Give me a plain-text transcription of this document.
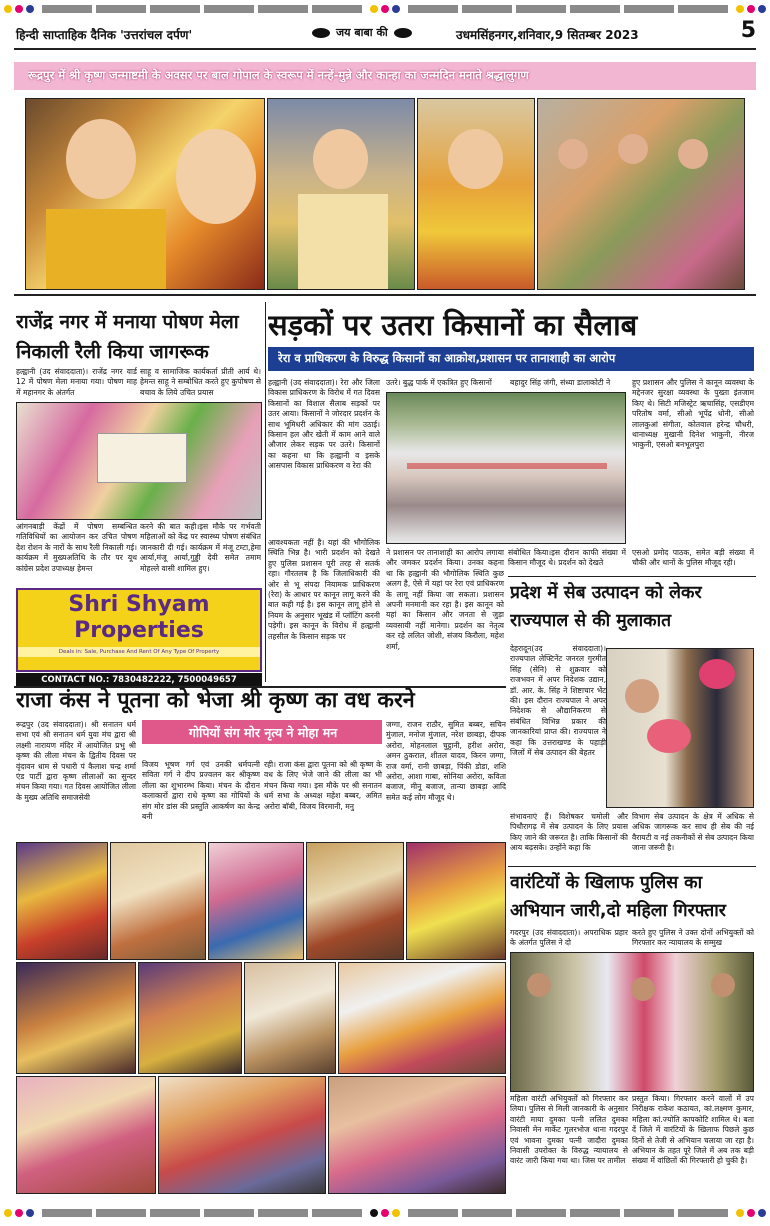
हिन्दी साप्ताहिक दैनिक 'उत्तरांचल दर्पण'	जय बाबा की	उधमसिंहनगर,शनिवार,9 सितम्बर 2023	5
रूद्रपुर में श्री कृष्ण जन्माष्टमी के अवसर पर बाल गोपाल के स्वरूप में नन्हें-मुन्ने और कान्हा का जन्मदिन मनाते श्रद्धालुगण
राजेंद्र नगर में मनाया पोषण मेला
निकाली रैली किया जागरूक
हल्द्वानी (उद संवाददाता)। राजेंद्र नगर वार्ड 12 में पोषण मेला मनाया गया। पोषण माह में महानगर के अंतर्गत
साहू व सामाजिक कार्यकर्ता प्रीती आर्य थे। हेमन्त साहू ने सम्बोधित करते हुए कुपोषण से बचाव के लिये उचित प्रयास
आंगनबाड़ी केंद्रों में पोषण सम्बन्धित गतिविधियों का आयोजन कर उचित पोषण देश रोशन के नारों के साथ रैली निकाली गई।कार्यक्रम में मुख्यअतिथि के तौर पर यूथ कांग्रेस प्रदेश उपाध्यक्ष हेमन्त
करने की बात कही।इस मौके पर गर्भवती महिलाओं को केंद्र पर स्वास्थ्य पोषण संबंधित जानकारी दी गई। कार्यक्रम में मंजू टम्टा,हेमा आर्या,मंजू आर्या,गुड्डी देवी समेत तमाम मोहल्ले वासी शामिल हुए।
Shri Shyam
Properties
Deals in: Sale, Purchase And Rent Of Any Type Of Property
CONTACT NO.: 7830482222, 7500049657
सड़कों पर उतरा किसानों का सैलाब
रेरा व प्राधिकरण के विरुद्ध किसानों का आक्रोश,प्रशासन पर तानाशाही का आरोप
हल्द्वानी (उद संवाददाता)। रेरा और जिला विकास प्राधिकरण के विरोध में गत दिवस किसानों का विशाल सैलाब सड़कों पर उतर आया। किसानों ने जोरदार प्रदर्शन के साथ भूमिधरी अधिकार की मांग उठाई। किसान हल और खेती में काम आने वाले औजार लेकर सड़क पर उतरे। किसानों का कहना था कि हल्द्वानी व इसके आसपास विकास प्राधिकरण व रेरा की
उतरे। बुद्ध पार्क में एकत्रित हुए किसानों	बहादुर सिंह जंगी, संध्या डालाकोटी ने
आवश्यकता नहीं है। यहां की भौगोलिक स्थिति भिन्न है। भारी प्रदर्शन को देखते हुए पुलिस प्रशासन पूरी तरह से सतर्क रहा। गौरतलब है कि जिलाधिकारी की ओर से भू संपदा नियामक प्राधिकरण (रेरा) के आधार पर कानून लागू करने की बात कही गई है। इस कानून लागू होने से नियम के अनुसार भूखंड में प्लॉटिंग करनी पड़ेगी। इस कानून के विरोध में हल्द्वानी तहसील के किसान सड़क पर
ने प्रशासन पर तानाशाही का आरोप लगाया और जमकर प्रदर्शन किया। उनका कहना था कि हल्द्वानी की भौगोलिक स्थिति कुछ अलग है, ऐसे में यहां पर रेरा एवं प्राधिकरण के लागू नहीं किया जा सकता। प्रशासन अपनी मनमानी कर रहा है। इस कानून को यहां का किसान और जनता से जुड़ा व्यवसायी नहीं मानेगा। प्रदर्शन का नेतृत्व कर रहे ललित जोशी, संजय किरौला, महेश शर्मा,
संबोधित किया।इस दौरान काफी संख्या में किसान मौजूद थे। प्रदर्शन को देखते
हुए प्रशासन और पुलिस ने कानून व्यवस्था के मद्देनजर सुरक्षा व्यवस्था के पुख्ता इंतजाम किए थे। सिटी मजिस्ट्रेट ऋचासिंह, एसडीएम परितोष वर्मा, सीओ भूपेंद्र धोनी, सीओ लालकुआं संगीता, कोतवाल हरेन्द्र चौधरी, थानाध्यक्ष मुखानी दिनेश भाकुनी, नीरज भाकुनी, एसओ बनभूलपुरा
एसओ प्रमोद पाठक, समेत बड़ी संख्या में चौकी और थानों के पुलिस मौजूद रही।
प्रदेश में सेब उत्पादन को लेकर
राज्यपाल से की मुलाकात
देहरादून(उद संवाददाता)। राज्यपाल लेफ्टिनेंट जनरल गुरमीत सिंह (सेनि) से शुक्रवार को राजभवन में अपर निदेशक उद्यान, डॉ. आर. के. सिंह ने शिष्टाचार भेंट की। इस दौरान राज्यपाल ने अपर निदेशक से औद्यानिकरण से संबंधित विभिन्न प्रकार की जानकारियां प्राप्त की। राज्यपाल ने कहा कि उत्तराखण्ड के पहाड़ी जिलों में सेब उत्पादन की बेहतर
संभावनाएं हैं। विशेषकर चमोली और पिथौरागढ़ में सेब उत्पादन के लिए प्रयास किए जाने की जरूरत है। ताकि किसानों की आय बढ़सके। उन्होंने कहा कि
विभाग सेब उत्पादन के क्षेत्र में अधिक से अधिक जागरूक कर साथ ही सेब की नई वैरायटी व नई तकनीकों से सेब उत्पादन किया जाना जरूरी है।
राजा कंस ने पूतना को भेजा श्री कृष्ण का वध करने
रूद्रपुर (उद संवाददाता)। श्री सनातन धर्म सभा एवं श्री सनातन धर्म युवा मंच द्वारा श्री लक्ष्मी नारायण मंदिर में आयोजित प्रभु श्री कृष्ण की लीला मंचन के द्वितीय दिवस पर वृंदावन धाम से पधारी पं कैलाश चन्द्र शर्मा एंड पार्टी द्वारा कृष्ण लीलाओं का सुन्दर मंचन किया गया। गत दिवस आयोजित लीला के मुख्य अतिथि समाजसेवी
गोपियों संग मोर नृत्य ने मोहा मन
विजय भूषण गर्ग एवं उनकी धर्मपत्नी सविता गर्ग ने दीप प्रज्वलन कर श्रीकृष्ण लीला का शुभारम्भ किया। मंचन के दौरान कलाकारों द्वारा राधे कृष्ण का गोपियों के संग मोर डांस की प्रस्तुति आकर्षण का केन्द्र बनी
रही। राजा कंस द्वारा पूतना को श्री कृष्ण के वध के लिए भेजे जाने की लीला का भी मंचन किया गया। इस मौके पर श्री सनातन धर्म सभा के अध्यक्ष महेश बब्बर, अमित अरोरा बॉबी, विजय विरमानी, मनु
जग्गा, राजन राठौर, सुमित बब्बर, सचिन मुंजाल, मनोज मुंजाल, नरेश छाबड़ा, दीपक अरोरा, मोहनलाल चुट्ठानी, हरीश अरोरा, अमन ठुकराल, शीतल यादव, किरन जग्गा, राज वर्मा, रानी छाबड़ा, पिंकी डोडा, शशि अरोरा, आशा गाबा, सोनिया अरोरा, कविता बजाज, मीनू बजाज, तान्या छाबड़ा आदि समेत कई लोग मौजूद थे।
वारंटियों के खिलाफ पुलिस का
अभियान जारी,दो महिला गिरफ्तार
गदरपुर (उद संवाददाता)। अपराधिक प्रहार के अंतर्गत पुलिस ने दो
करते हुए पुलिस ने उक्त दोनों अभियुक्तों को गिरफ्तार कर न्यायालय के सम्मुख
महिला वारंटी अभियुक्तों को गिरफ्तार कर लिया। पुलिस से मिली जानकारी के अनुसार वारंटी माया दुमका पत्नी ललित दुमका निवासी मेन मार्केट गूलरभोज थाना गदरपुर एवं भावना दुमका पत्नी जादौरा दुमका निवासी उपरोक्त के विरुद्ध न्यायालय से वारंट जारी किया गया था। जिस पर तामील
प्रस्तुत किया। गिरफ्तार करने वालों में उप निरीक्षक राकेश कठायत, कां.लक्ष्मण कुमार, महिला कां.ज्योति कापकोटि शामिल थे। बता दें जिले में वारंटियों के खिलाफ पिछले कुछ दिनों से तेजी से अभियान चलाया जा रहा है। अभियान के तहत पूरे जिले में अब तक बड़ी संख्या में वांछितों की गिरफ्तारी हो चुकी है।
